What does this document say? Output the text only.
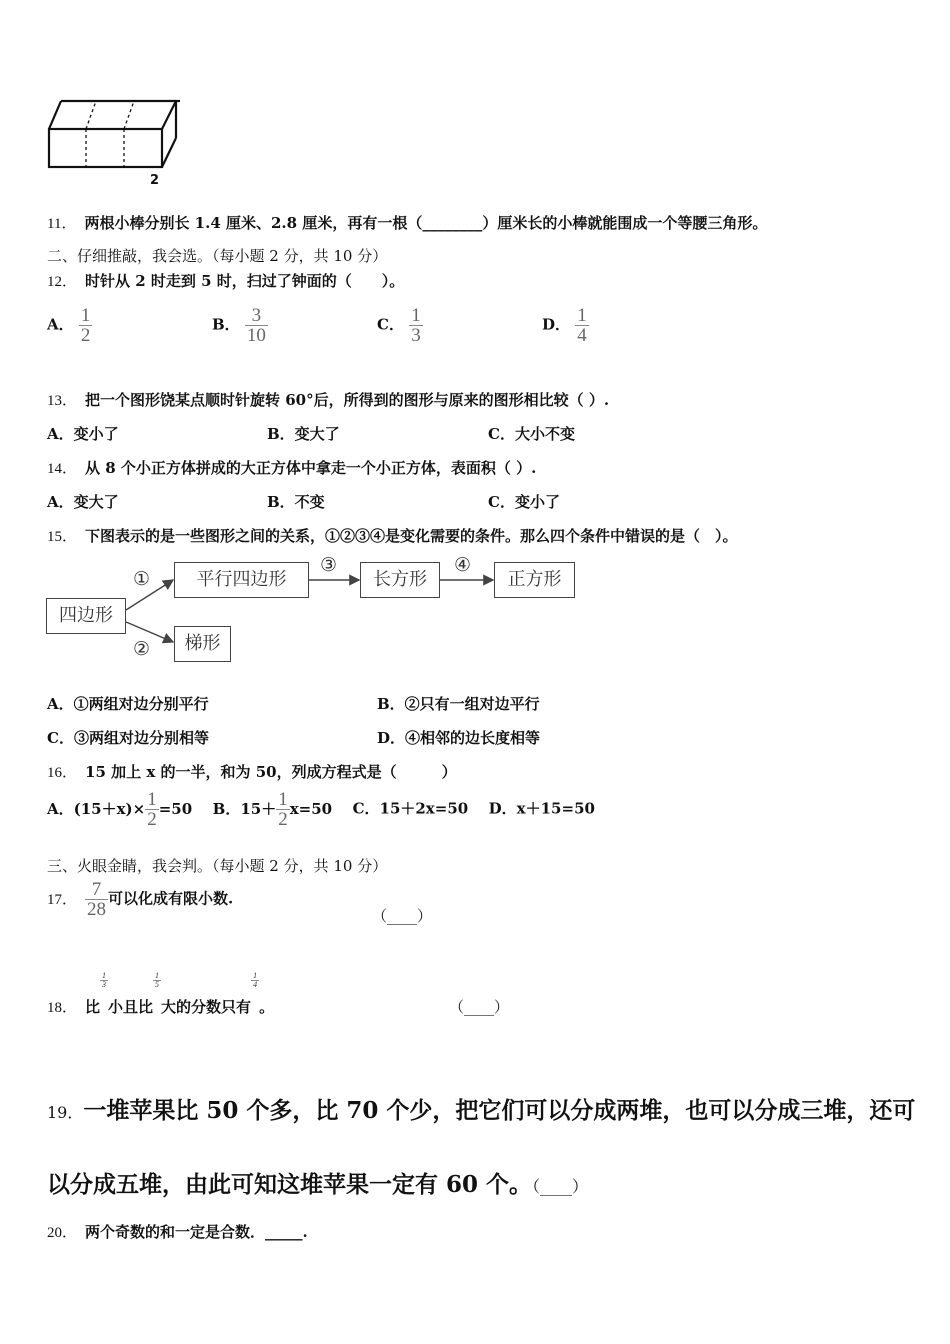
2
11． 两根小棒分别长 1.4 厘米、2.8 厘米，再有一根（________）厘米长的小棒就能围成一个等腰三角形。
二、仔细推敲，我会选。（每小题 2 分，共 10 分）
12． 时针从 2 时走到 5 时，扫过了钟面的（　　）。
A． $\frac{1}{2}$	B． $\frac{3}{10}$	C． $\frac{1}{3}$	D． $\frac{1}{4}$
13． 把一个图形饶某点顺时针旋转 60°后，所得到的图形与原来的图形相比较（ ）.
A．变小了	B．变大了	C．大小不变
14． 从 8 个小正方体拼成的大正方体中拿走一个小正方体，表面积（ ）.
A．变大了	B．不变	C．变小了
15． 下图表示的是一些图形之间的关系，①②③④是变化需要的条件。那么四个条件中错误的是（　）。
四边形
平行四边形	长方形	正方形
梯形
①
②
③	④
A．①两组对边分别平行	B．②只有一组对边平行
C．③两组对边分别相等	D．④相邻的边长度相等
16． 15 加上 x 的一半，和为 50，列成方程式是（　　　）
A．$(15+x)\times \frac{1}{2} =50$ B．$15+ \frac{1}{2} x=50$ C．15＋2x=50 D．x＋15=50
三、火眼金睛，我会判。（每小题 2 分，共 10 分）
17． $\frac{7}{28}$ 可以化成有限小数.
（____）
18． 比
$\frac{1}{3}$
小且比
$\frac{1}{5}$
大的分数只有
$\frac{1}{4}$
。	（____）
19．一堆苹果比 50 个多，比 70 个少，把它们可以分成两堆，也可以分成三堆，还可
以分成五堆，由此可知这堆苹果一定有 60 个。（____）
20． 两个奇数的和一定是合数．_____.
